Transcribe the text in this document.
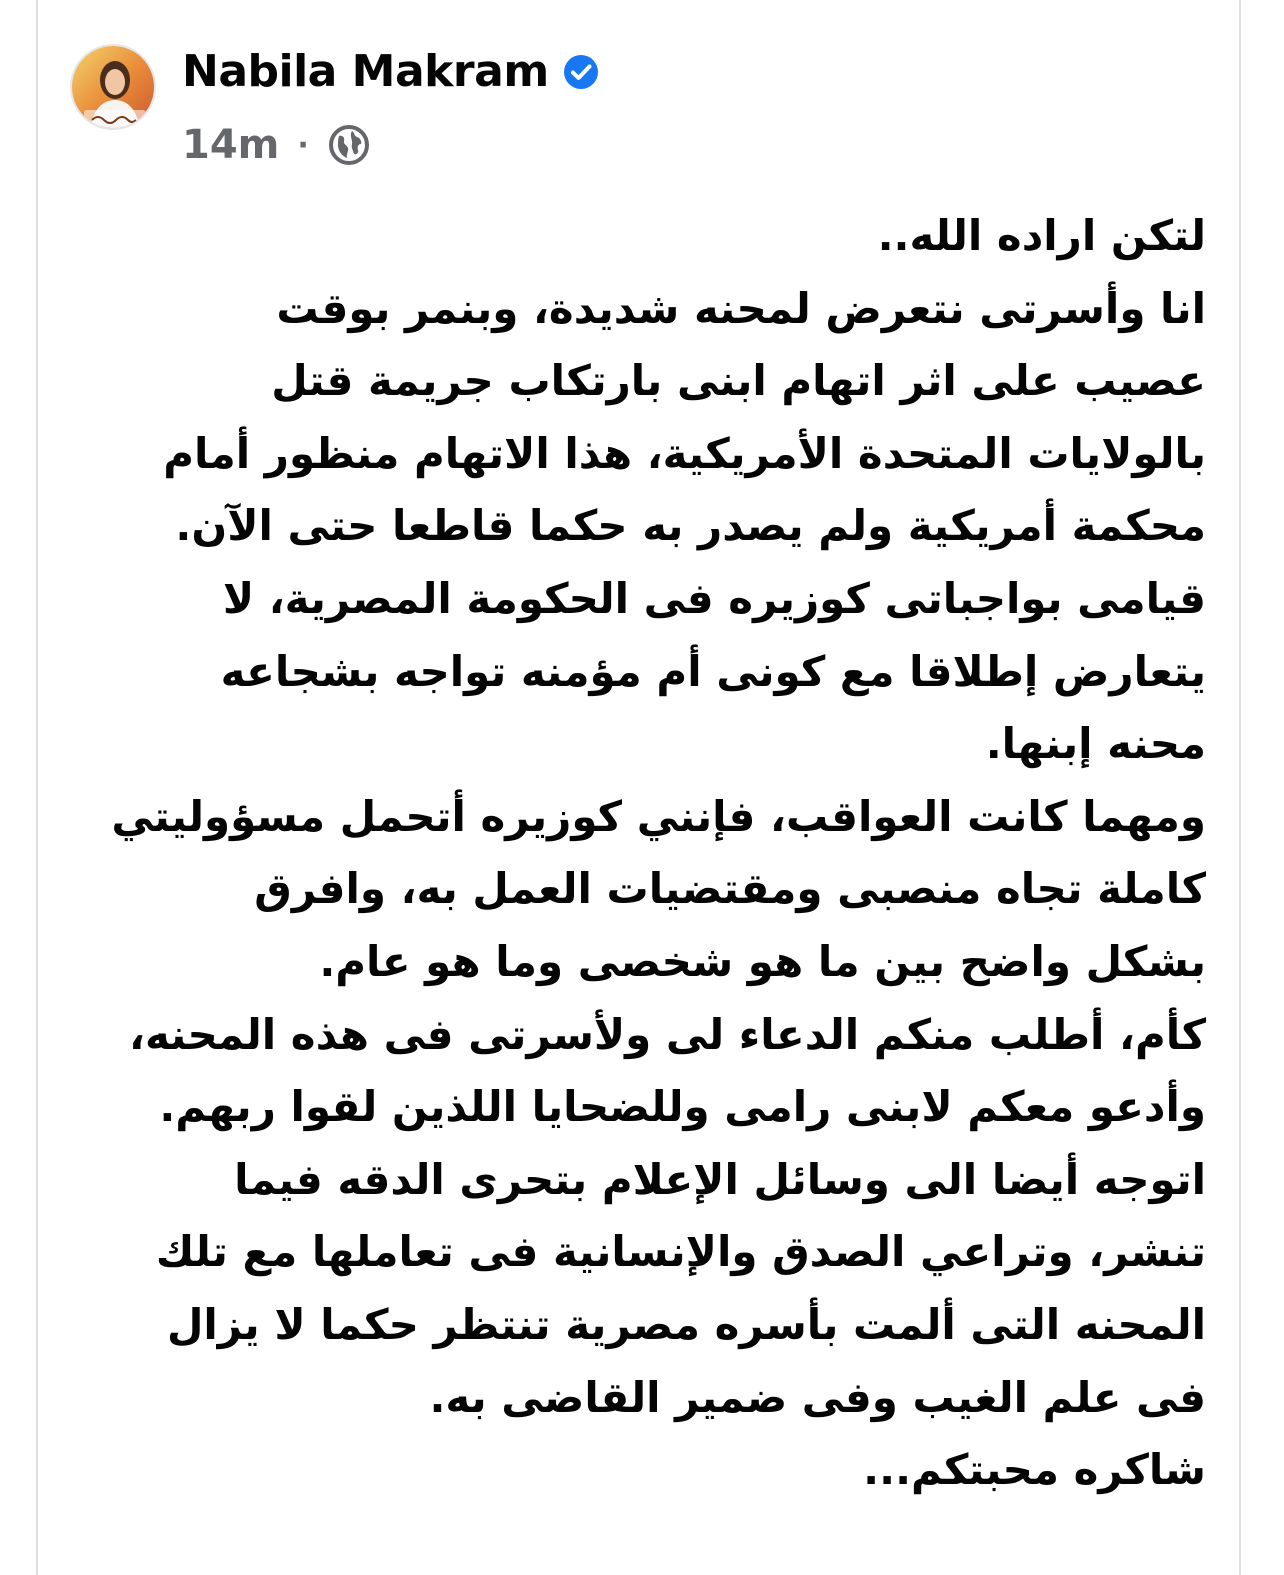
Nabila Makram
14m ·
لتكن اراده الله..
انا وأسرتى نتعرض لمحنه شديدة، وبنمر بوقت
عصيب على اثر اتهام ابنى بارتكاب جريمة قتل
بالولايات المتحدة الأمريكية، هذا الاتهام منظور أمام
محكمة أمريكية ولم يصدر به حكما قاطعا حتى الآن.
قيامى بواجباتى كوزيره فى الحكومة المصرية، لا
يتعارض إطلاقا مع كونى أم مؤمنه تواجه بشجاعه
محنه إبنها.
ومهما كانت العواقب، فإنني كوزيره أتحمل مسؤوليتي
كاملة تجاه منصبى ومقتضيات العمل به، وافرق
بشكل واضح بين ما هو شخصى وما هو عام.
كأم، أطلب منكم الدعاء لى ولأسرتى فى هذه المحنه،
وأدعو معكم لابنى رامى وللضحايا اللذين لقوا ربهم.
اتوجه أيضا الى وسائل الإعلام بتحرى الدقه فيما
تنشر، وتراعي الصدق والإنسانية فى تعاملها مع تلك
المحنه التى ألمت بأسره مصرية تنتظر حكما لا يزال
فى علم الغيب وفى ضمير القاضى به.
شاكره محبتكم...
